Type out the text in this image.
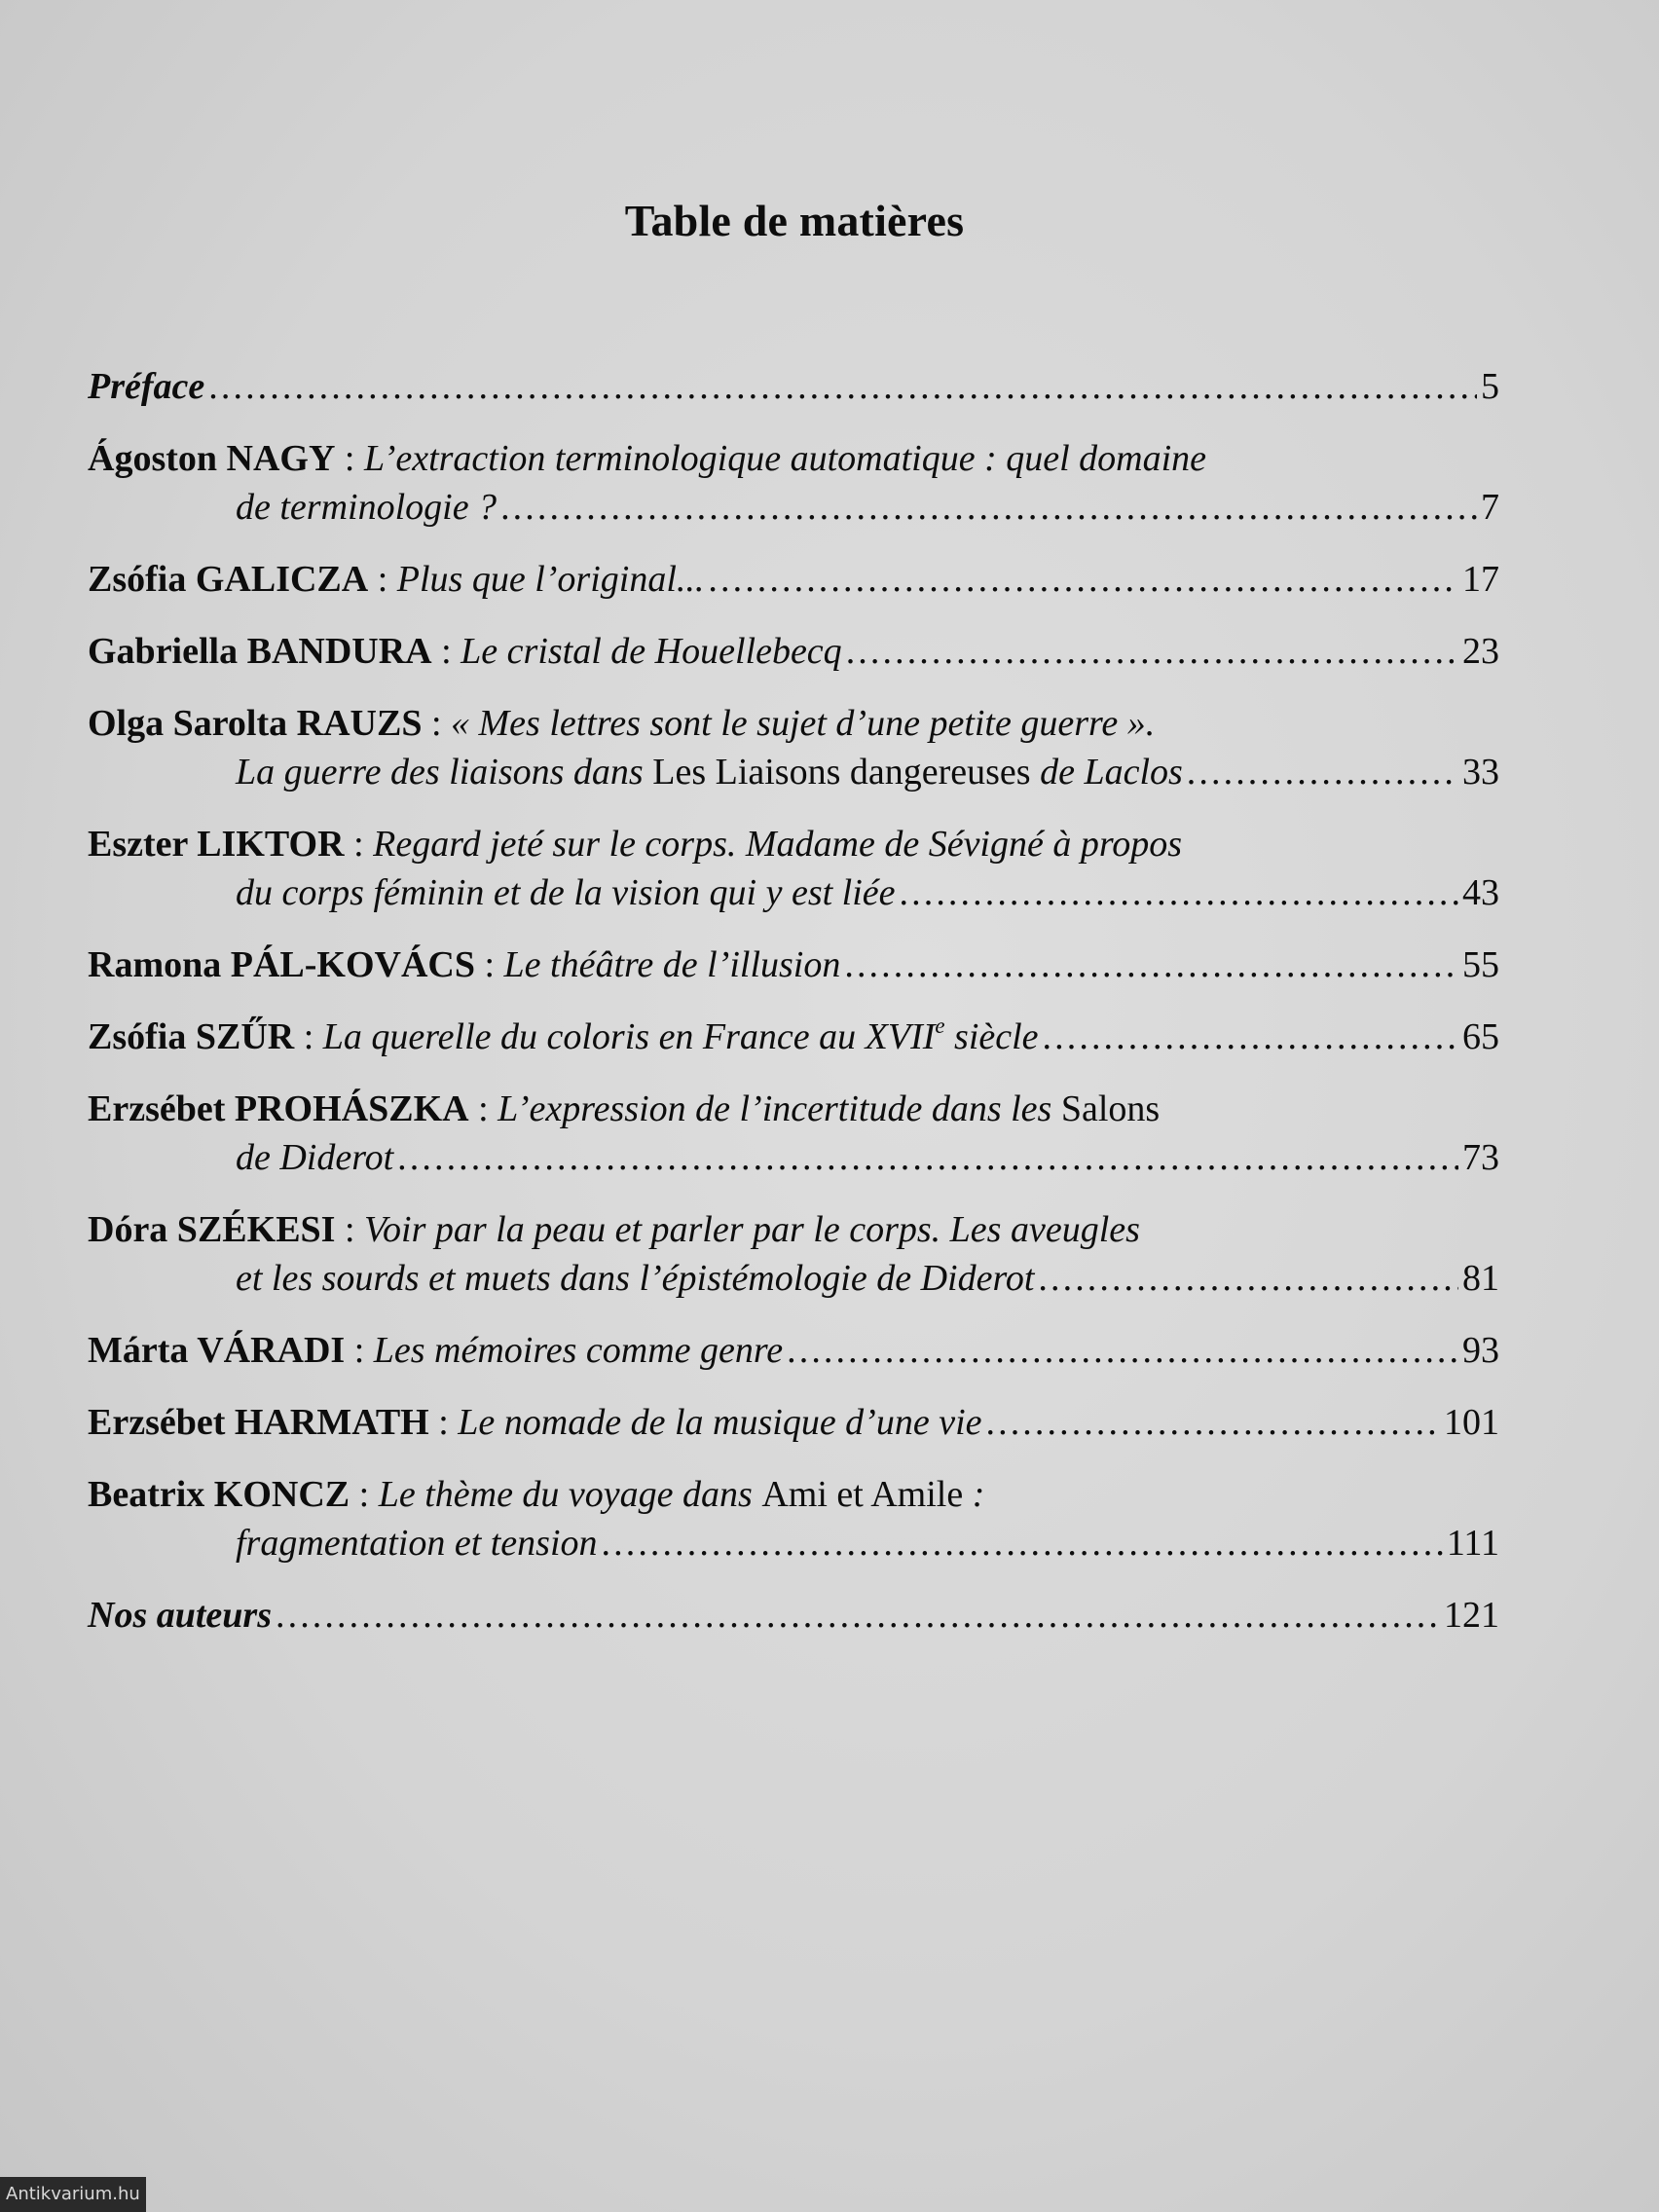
Table de matières
Préface . . .	5
Ágoston NAGY : L’extraction terminologique automatique : quel domaine
de terminologie ? . . .	7
Zsófia GALICZA : Plus que l’original... . . .	17
Gabriella BANDURA : Le cristal de Houellebecq . . .	23
Olga Sarolta RAUZS : « Mes lettres sont le sujet d’une petite guerre ».
La guerre des liaisons dans Les Liaisons dangereuses de Laclos . . .	33
Eszter LIKTOR : Regard jeté sur le corps. Madame de Sévigné à propos
du corps féminin et de la vision qui y est liée . . .	43
Ramona PÁL-KOVÁCS : Le théâtre de l’illusion . . .	55
Zsófia SZŰR : La querelle du coloris en France au XVIIe siècle . . .	65
Erzsébet PROHÁSZKA : L’expression de l’incertitude dans les Salons
de Diderot . . .	73
Dóra SZÉKESI : Voir par la peau et parler par le corps. Les aveugles
et les sourds et muets dans l’épistémologie de Diderot . . .	81
Márta VÁRADI : Les mémoires comme genre . . .	93
Erzsébet HARMATH : Le nomade de la musique d’une vie . . .	101
Beatrix KONCZ : Le thème du voyage dans Ami et Amile :
fragmentation et tension . . .	111
Nos auteurs . . .	121
Antikvarium.hu
